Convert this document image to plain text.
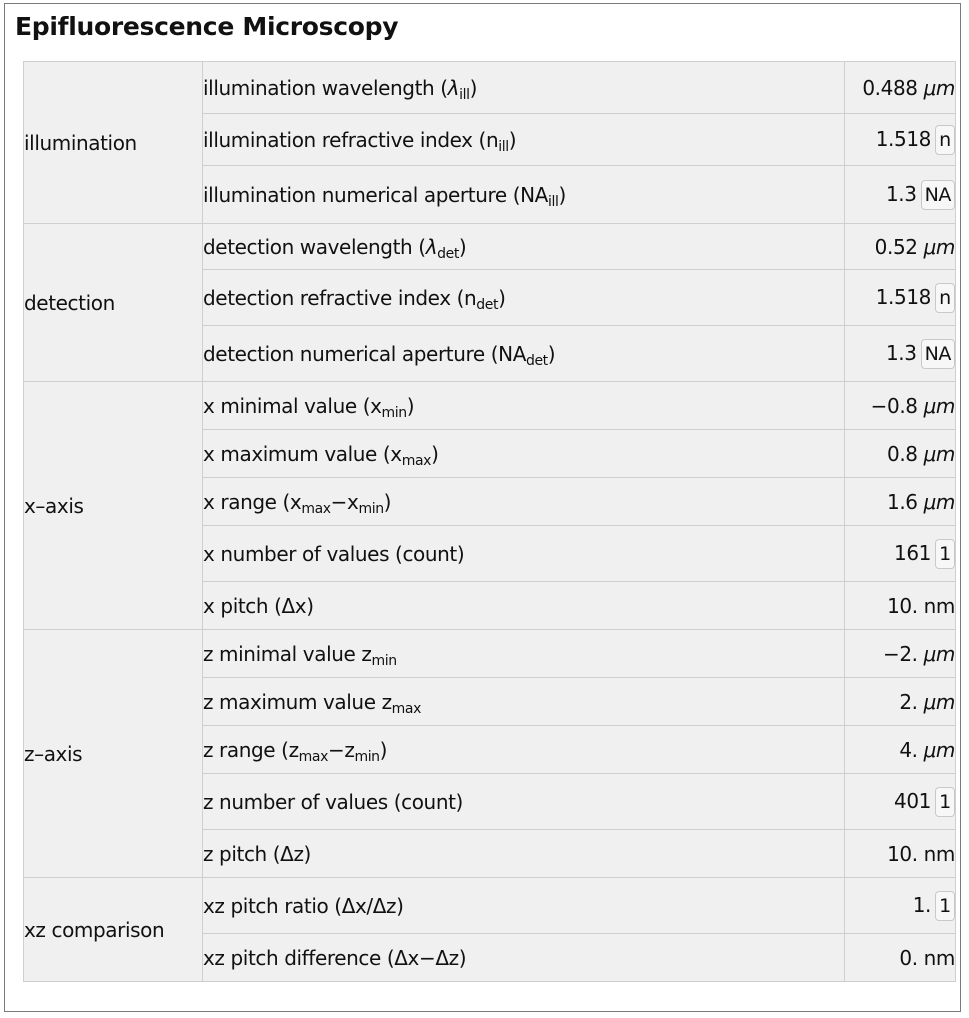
Epifluorescence Microscopy
illumination	illumination wavelength $(\lambda_{ill})$	0.488 μm
	illumination refractive index $(n_{ill})$	1.518 n
	illumination numerical aperture $(NA_{ill})$	1.3 NA
detection	detection wavelength $(\lambda_{det})$	0.52 μm
	detection refractive index $(n_{det})$	1.518 n
	detection numerical aperture $(NA_{det})$	1.3 NA
x–axis	x minimal value $(x_{min})$	−0.8 μm
	x maximum value $(x_{max})$	0.8 μm
	x range $(x_{max}-x_{min})$	1.6 μm
	x number of values (count)	161 1
	x pitch (Δx)	10. nm
z–axis	z minimal value $z_{min}$	−2. μm
	z maximum value $z_{max}$	2. μm
	z range $(z_{max}-z_{min})$	4. μm
	z number of values (count)	401 1
	z pitch (Δz)	10. nm
xz comparison	xz pitch ratio (Δx/Δz)	1. 1
	xz pitch difference (Δx−Δz)	0. nm
